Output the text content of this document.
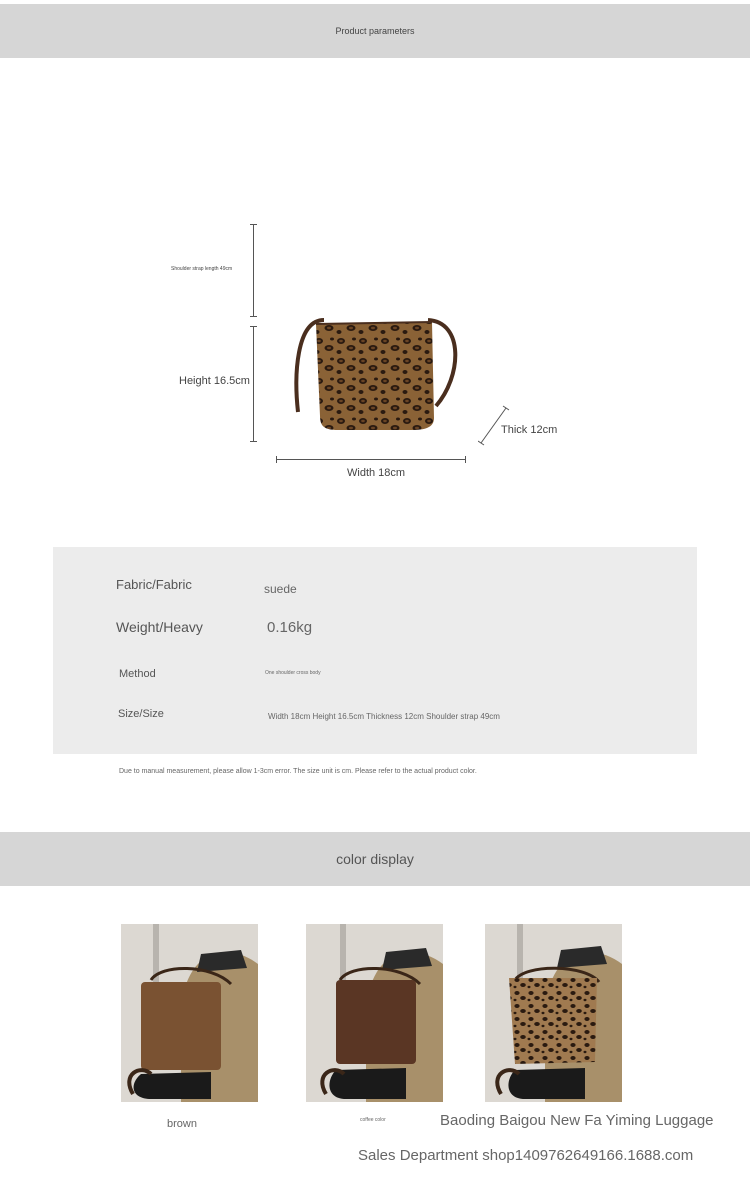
Product parameters
Shoulder strap length 49cm
Height 16.5cm
Thick 12cm
Width 18cm
Fabric/Fabric	suede
Weight/Heavy	0.16kg
Method	One shoulder cross body
Size/Size	Width 18cm Height 16.5cm Thickness 12cm Shoulder strap 49cm
Due to manual measurement, please allow 1-3cm error. The size unit is cm. Please refer to the actual product color.
color display
brown	coffee color	Baoding Baigou New Fa Yiming Luggage
Sales Department shop1409762649166.1688.com
